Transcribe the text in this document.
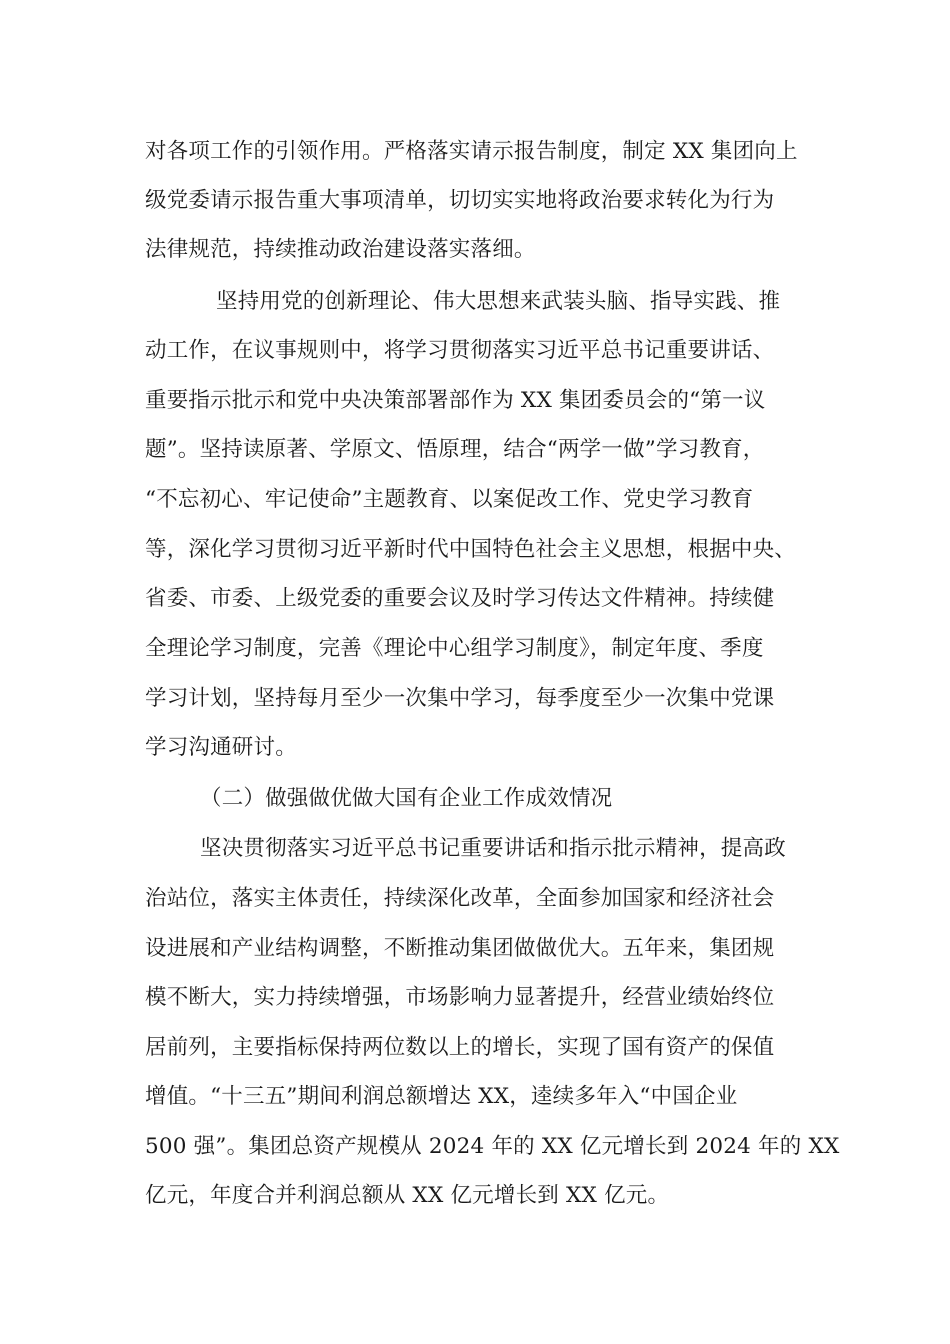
对各项工作的引领作用。严格落实请示报告制度，制定 XX 集团向上
级党委请示报告重大事项清单，切切实实地将政治要求转化为行为
法律规范，持续推动政治建设落实落细。
坚持用党的创新理论、伟大思想来武装头脑、指导实践、推
动工作，在议事规则中，将学习贯彻落实习近平总书记重要讲话、
重要指示批示和党中央决策部署部作为 XX 集团委员会的“第一议
题”。坚持读原著、学原文、悟原理，结合“两学一做”学习教育，
“不忘初心、牢记使命”主题教育、以案促改工作、党史学习教育
等，深化学习贯彻习近平新时代中国特色社会主义思想，根据中央、
省委、市委、上级党委的重要会议及时学习传达文件精神。持续健
全理论学习制度，完善《理论中心组学习制度》，制定年度、季度
学习计划，坚持每月至少一次集中学习，每季度至少一次集中党课
学习沟通研讨。
（二）做强做优做大国有企业工作成效情况
坚决贯彻落实习近平总书记重要讲话和指示批示精神，提高政
治站位，落实主体责任，持续深化改革，全面参加国家和经济社会
设进展和产业结构调整，不断推动集团做做优大。五年来，集团规
模不断大，实力持续增强，市场影响力显著提升，经营业绩始终位
居前列，主要指标保持两位数以上的增长，实现了国有资产的保值
增值。“十三五”期间利润总额增达 XX，逵续多年入“中国企业
500 强”。集团总资产规模从 2024 年的 XX 亿元增长到 2024 年的 XX
亿元，年度合并利润总额从 XX 亿元增长到 XX 亿元。
